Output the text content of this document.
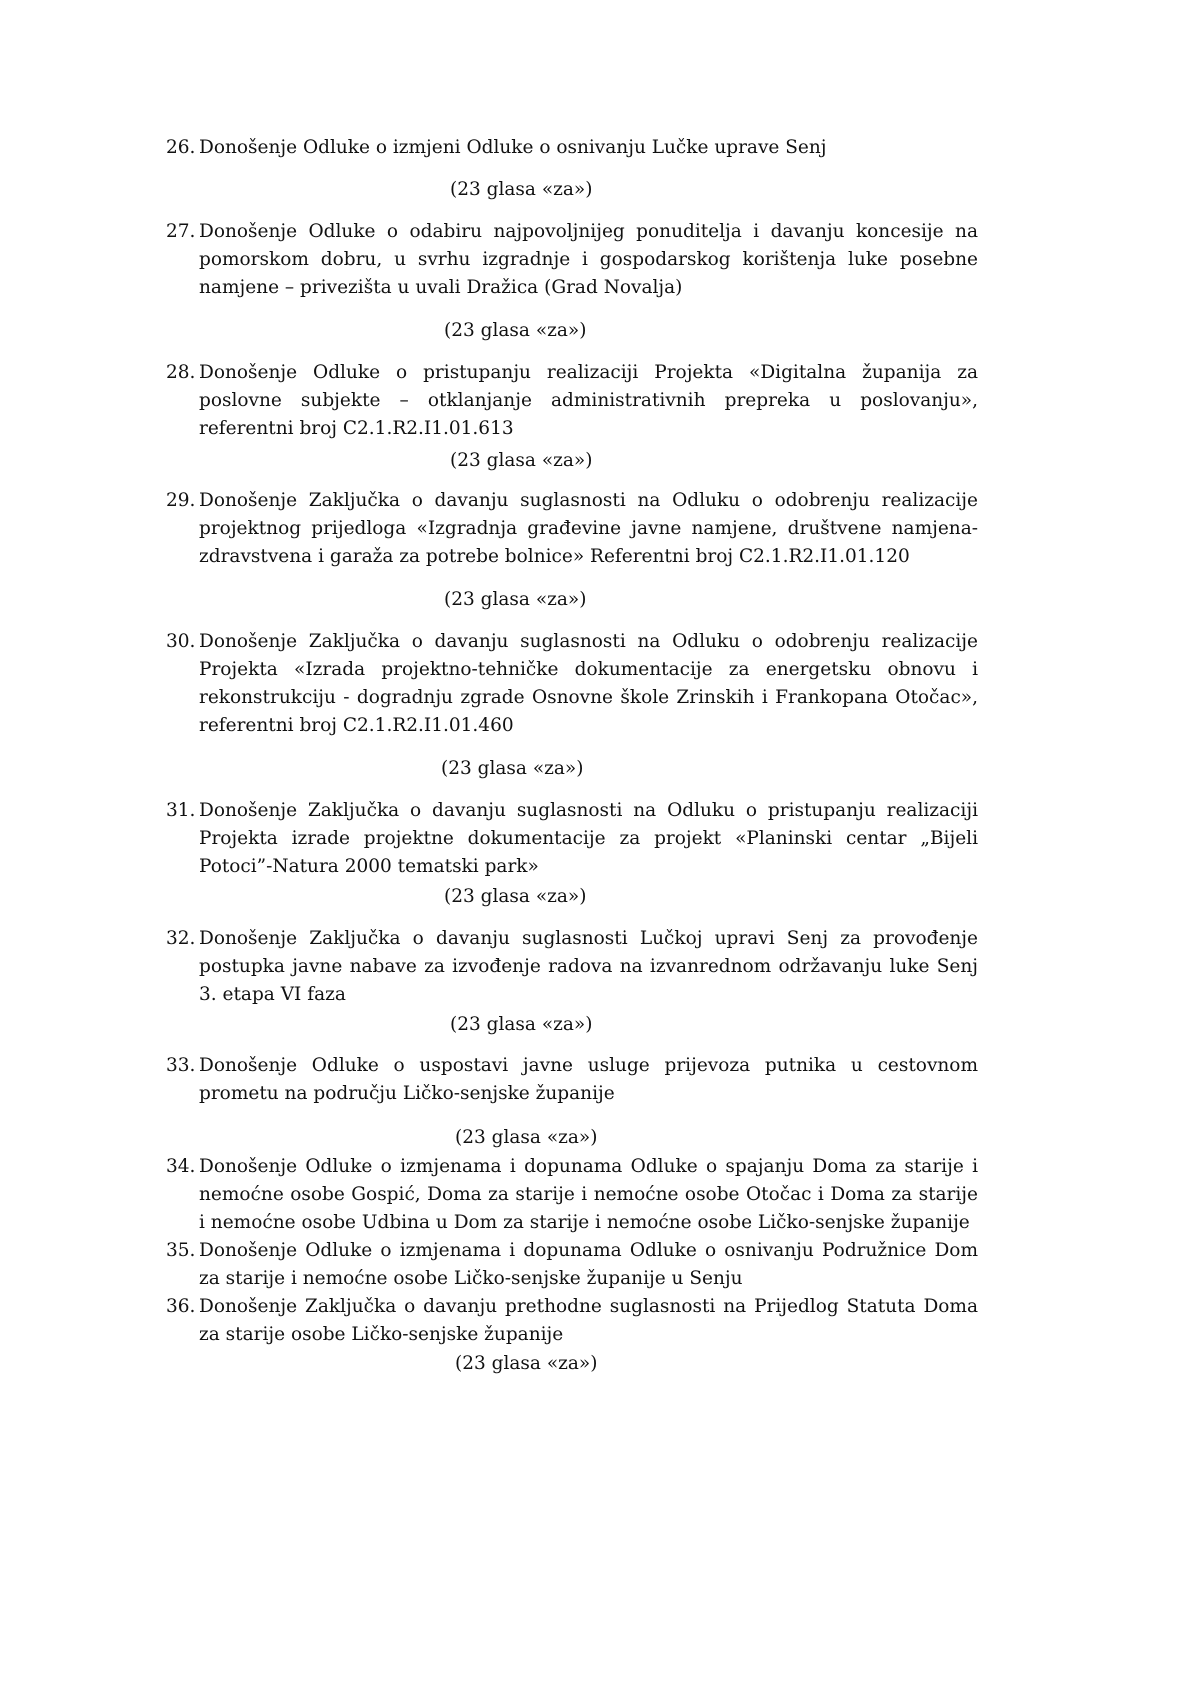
26. Donošenje Odluke o izmjeni Odluke o osnivanju Lučke uprave Senj
(23 glasa «za»)
27. Donošenje Odluke o odabiru najpovoljnijeg ponuditelja i davanju koncesije na pomorskom dobru, u svrhu izgradnje i gospodarskog korištenja luke posebne namjene – privezišta u uvali Dražica (Grad Novalja)
(23 glasa «za»)
28. Donošenje Odluke o pristupanju realizaciji Projekta «Digitalna županija za poslovne subjekte – otklanjanje administrativnih prepreka u poslovanju», referentni broj C2.1.R2.I1.01.613
(23 glasa «za»)
29. Donošenje Zaključka o davanju suglasnosti na Odluku o odobrenju realizacije projektnog prijedloga «Izgradnja građevine javne namjene, društvene namjena-zdravstvena i garaža za potrebe bolnice» Referentni broj C2.1.R2.I1.01.120
(23 glasa «za»)
30. Donošenje Zaključka o davanju suglasnosti na Odluku o odobrenju realizacije Projekta «Izrada projektno-tehničke dokumentacije za energetsku obnovu i rekonstrukciju - dogradnju zgrade Osnovne škole Zrinskih i Frankopana Otočac», referentni broj C2.1.R2.I1.01.460
(23 glasa «za»)
31. Donošenje Zaključka o davanju suglasnosti na Odluku o pristupanju realizaciji Projekta izrade projektne dokumentacije za projekt «Planinski centar „Bijeli Potoci”-Natura 2000 tematski park»
(23 glasa «za»)
32. Donošenje Zaključka o davanju suglasnosti Lučkoj upravi Senj za provođenje postupka javne nabave za izvođenje radova na izvanrednom održavanju luke Senj 3. etapa VI faza
(23 glasa «za»)
33. Donošenje Odluke o uspostavi javne usluge prijevoza putnika u cestovnom prometu na području Ličko-senjske županije
(23 glasa «za»)
34. Donošenje Odluke o izmjenama i dopunama Odluke o spajanju Doma za starije i nemoćne osobe Gospić, Doma za starije i nemoćne osobe Otočac i Doma za starije i nemoćne osobe Udbina u Dom za starije i nemoćne osobe Ličko-senjske županije
35. Donošenje Odluke o izmjenama i dopunama Odluke o osnivanju Podružnice Dom za starije i nemoćne osobe Ličko-senjske županije u Senju
36. Donošenje Zaključka o davanju prethodne suglasnosti na Prijedlog Statuta Doma za starije osobe Ličko-senjske županije
(23 glasa «za»)
